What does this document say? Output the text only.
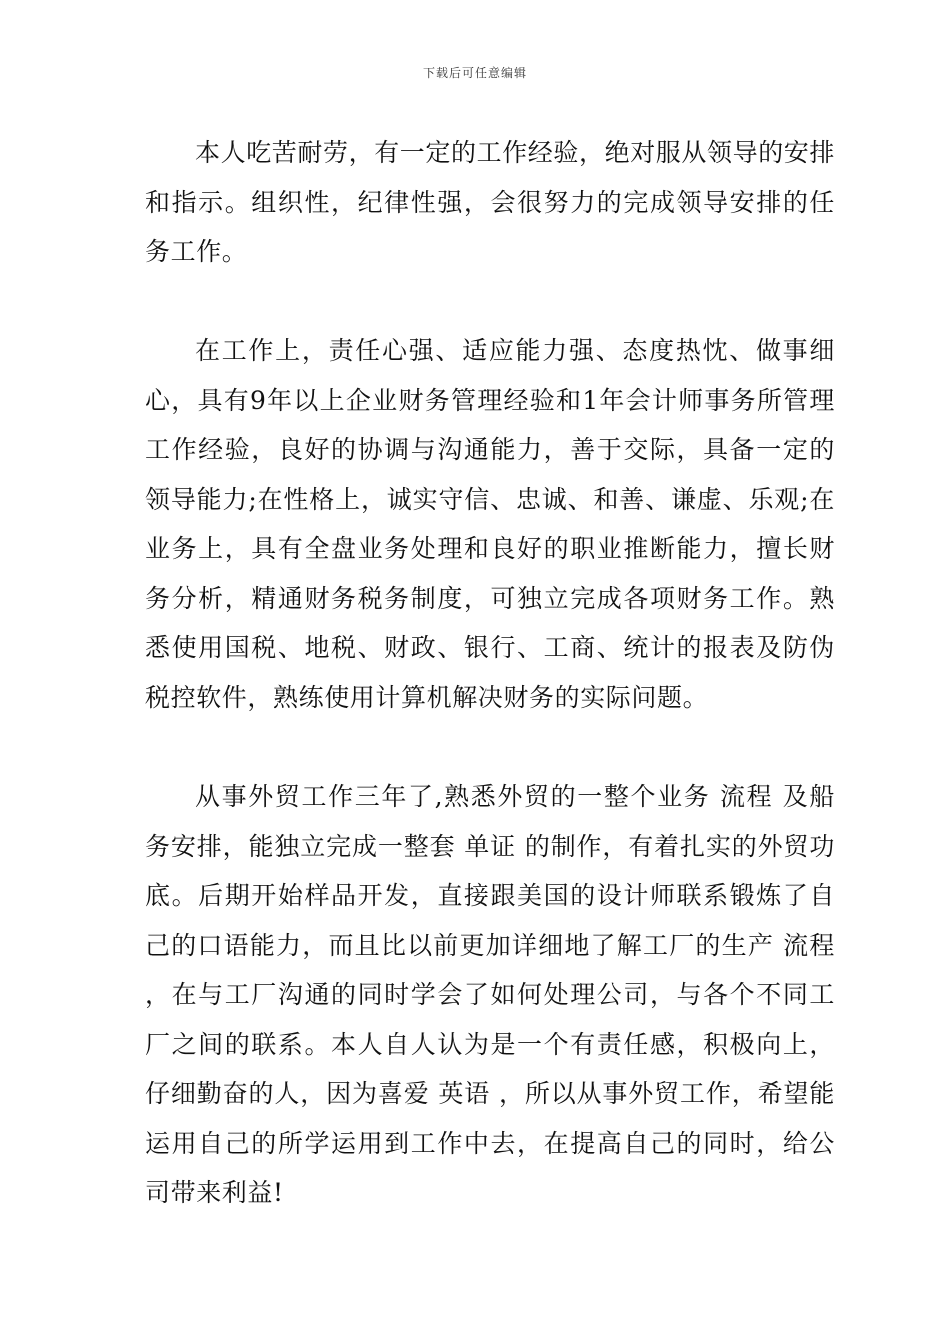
下载后可任意编辑

本人吃苦耐劳，有一定的工作经验，绝对服从领导的安排和指示。组织性，纪律性强，会很努力的完成领导安排的任务工作。

在工作上，责任心强、适应能力强、态度热忱、做事细心，具有9年以上企业财务管理经验和1年会计师事务所管理工作经验，良好的协调与沟通能力，善于交际，具备一定的领导能力;在性格上，诚实守信、忠诚、和善、谦虚、乐观;在业务上，具有全盘业务处理和良好的职业推断能力，擅长财务分析，精通财务税务制度，可独立完成各项财务工作。熟悉使用国税、地税、财政、银行、工商、统计的报表及防伪税控软件，熟练使用计算机解决财务的实际问题。

从事外贸工作三年了,熟悉外贸的一整个业务 流程 及船务安排，能独立完成一整套 单证 的制作，有着扎实的外贸功底。后期开始样品开发，直接跟美国的设计师联系锻炼了自己的口语能力，而且比以前更加详细地了解工厂的生产 流程 ，在与工厂沟通的同时学会了如何处理公司，与各个不同工厂之间的联系。本人自人认为是一个有责任感，积极向上，仔细勤奋的人，因为喜爱 英语 ，所以从事外贸工作，希望能运用自己的所学运用到工作中去，在提高自己的同时，给公司带来利益!
